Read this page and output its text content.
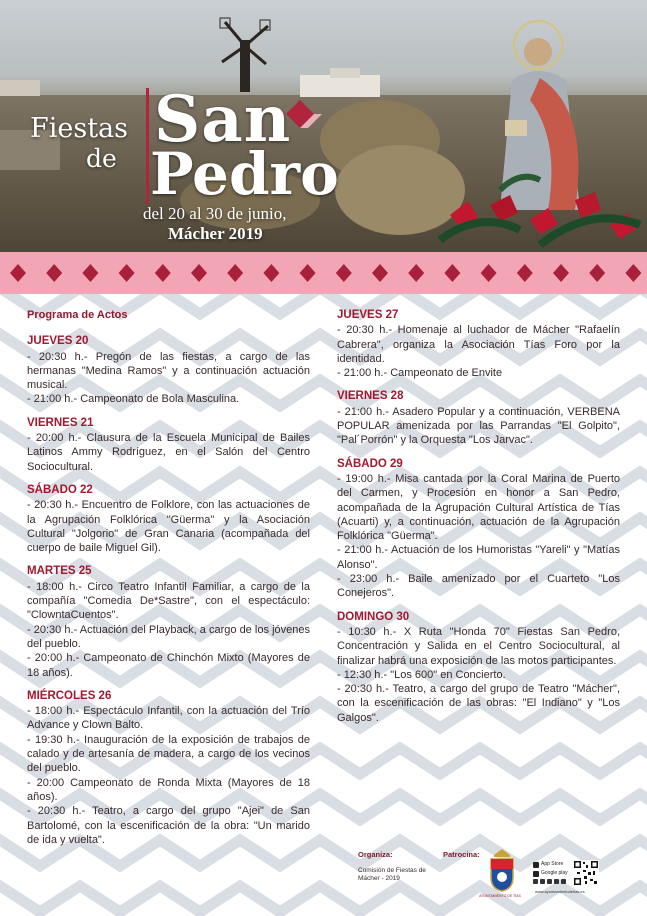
Fiestas
de
San
Pedro
del 20 al 30 de junio,
Mácher 2019
Programa de Actos
JUEVES 20
- 20:30 h.- Pregón de las fiestas, a cargo de las hermanas "Medina Ramos" y a continuación actuación musical.
- 21:00 h.- Campeonato de Bola Masculina.
VIERNES 21
- 20:00 h.- Clausura de la Escuela Municipal de Bailes Latinos Ammy Rodríguez, en el Salón del Centro Sociocultural.
SÁBADO 22
- 20:30 h.- Encuentro de Folklore, con las actuaciones de la Agrupación Folklórica "Güerma" y la Asociación Cultural "Jolgorio" de Gran Canaria (acompañada del cuerpo de baile Miguel Gil).
MARTES 25
- 18:00 h.- Circo Teatro Infantil Familiar, a cargo de la compañía "Comedia De*Sastre", con el espectáculo: "ClowntaCuentos".
- 20:30 h.- Actuación del Playback, a cargo de los jóvenes del pueblo.
- 20:00 h.- Campeonato de Chinchón Mixto (Mayores de 18 años).
MIÉRCOLES 26
- 18:00 h.- Espectáculo Infantil, con la actuación del Trío Advance y Clown Balto.
- 19:30 h.- Inauguración de la exposición de trabajos de calado y de artesanía de madera, a cargo de los vecinos del pueblo.
- 20:00 Campeonato de Ronda Mixta (Mayores de 18 años).
- 20:30 h.- Teatro, a cargo del grupo "Ajei" de San Bartolomé, con la escenificación de la obra: "Un marido de ida y vuelta".
JUEVES 27
- 20:30 h.- Homenaje al luchador de Mácher "Rafaelín Cabrera", organiza la Asociación Tías Foro por la identidad.
- 21:00 h.- Campeonato de Envite
VIERNES 28
- 21:00 h.- Asadero Popular y a continuación, VERBENA POPULAR amenizada por las Parrandas "El Golpito", "Pal´Porrón" y la Orquesta "Los Jarvac".
SÁBADO 29
- 19:00 h.- Misa cantada por la Coral Marina de Puerto del Carmen, y Procesión en honor a San Pedro, acompañada de la Agrupación Cultural Artística de Tías (Acuarti) y, a continuación, actuación de la Agrupación Folklórica "Güerma".
- 21:00 h.- Actuación de los Humoristas "Yareli" y "Matías Alonso".
- 23:00 h.- Baile amenizado por el Cuarteto "Los Conejeros".
DOMINGO 30
- 10:30 h.- X Ruta "Honda 70" Fiestas San Pedro, Concentración y Salida en el Centro Sociocultural, al finalizar habrá una exposición de las motos participantes.
- 12:30 h.- "Los 600" en Concierto.
- 20:30 h.- Teatro, a cargo del grupo de Teatro "Mácher", con la escenificación de las obras: "El Indiano" y "Los Galgos".
Organiza:
Comisión de Fiestas de Mácher - 2019
Patrocina:
AYUNTAMIENTO DE TÍAS
App Store
Google play
www.ayuntamientodetias.es
